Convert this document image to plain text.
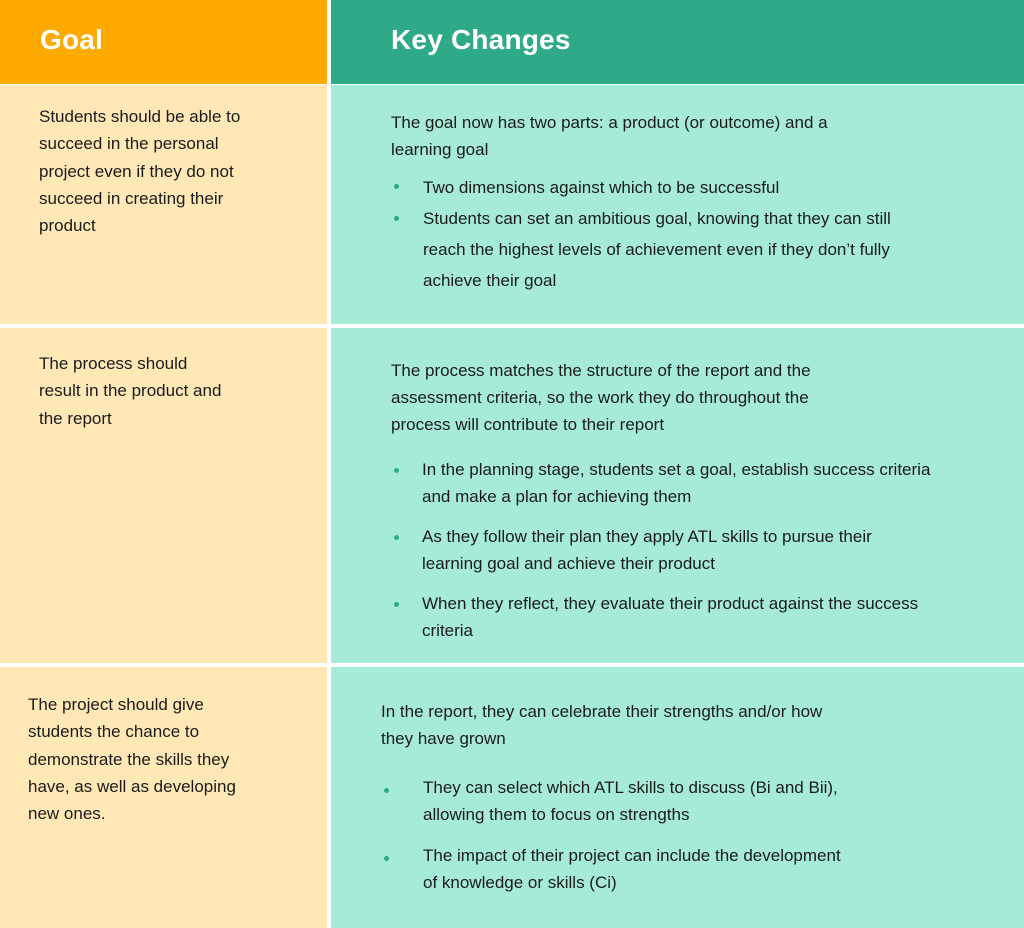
Goal	Key Changes
Students should be able to succeed in the personal project even if they do not succeed in creating their product
The goal now has two parts: a product (or outcome) and a learning goal
Two dimensions against which to be successful
Students can set an ambitious goal, knowing that they can still reach the highest levels of achievement even if they don’t fully achieve their goal
The process should result in the product and the report
The process matches the structure of the report and the assessment criteria, so the work they do throughout the process will contribute to their report
In the planning stage, students set a goal, establish success criteria and make a plan for achieving them
As they follow their plan they apply ATL skills to pursue their learning goal and achieve their product
When they reflect, they evaluate their product against the success criteria
The project should give students the chance to demonstrate the skills they have, as well as developing new ones.
In the report, they can celebrate their strengths and/or how they have grown
They can select which ATL skills to discuss (Bi and Bii), allowing them to focus on strengths
The impact of their project can include the development of knowledge or skills (Ci)
